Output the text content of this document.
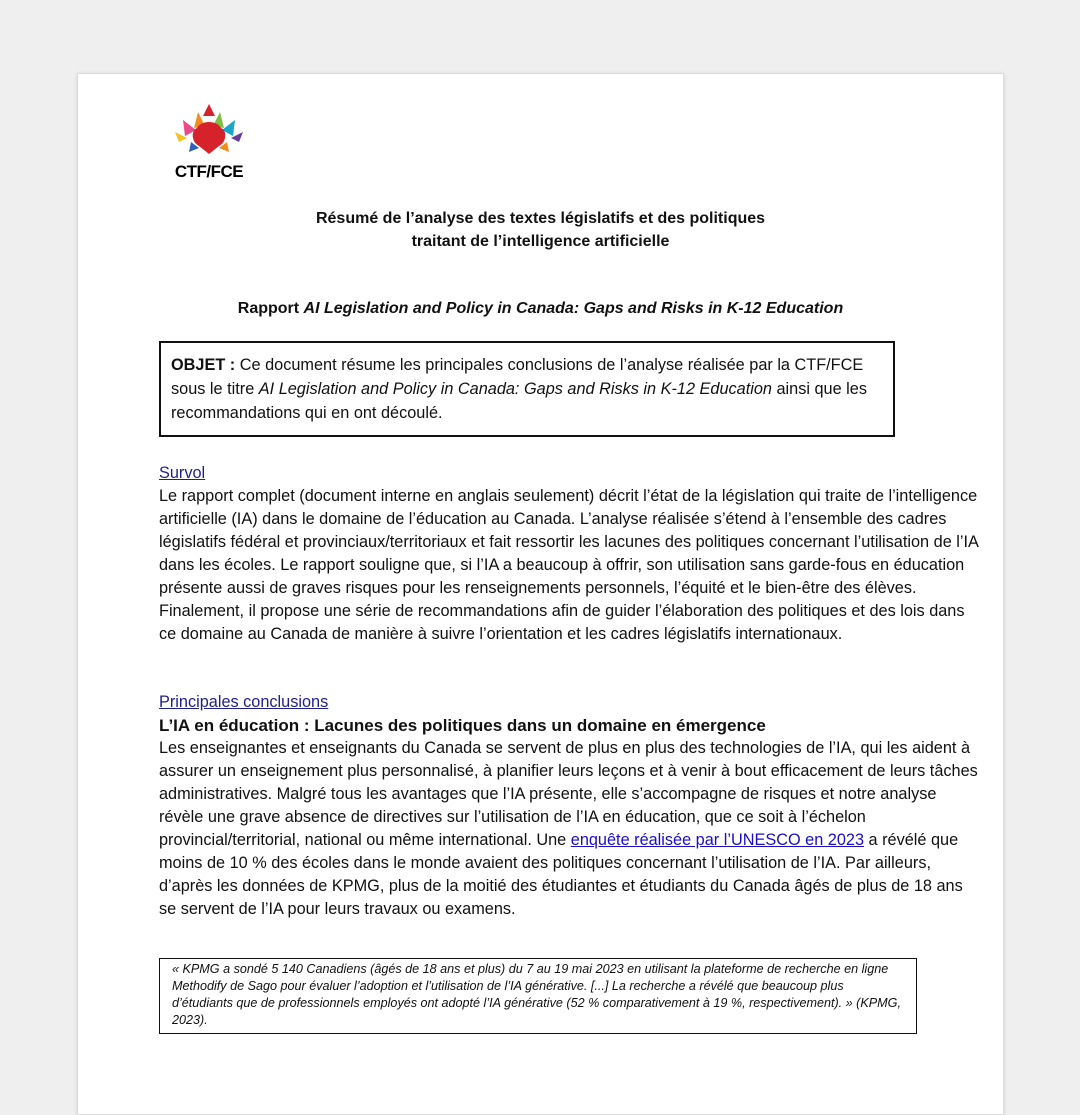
CTF/FCE
Résumé de l’analyse des textes législatifs et des politiques
traitant de l’intelligence artificielle
Rapport AI Legislation and Policy in Canada: Gaps and Risks in K-12 Education
OBJET : Ce document résume les principales conclusions de l’analyse réalisée par la CTF/FCE sous le titre AI Legislation and Policy in Canada: Gaps and Risks in K-12 Education ainsi que les recommandations qui en ont découlé.
Survol
Le rapport complet (document interne en anglais seulement) décrit l’état de la législation qui traite de l’intelligence artificielle (IA) dans le domaine de l’éducation au Canada. L’analyse réalisée s’étend à l’ensemble des cadres législatifs fédéral et provinciaux/territoriaux et fait ressortir les lacunes des politiques concernant l’utilisation de l’IA dans les écoles. Le rapport souligne que, si l’IA a beaucoup à offrir, son utilisation sans garde-fous en éducation présente aussi de graves risques pour les renseignements personnels, l’équité et le bien-être des élèves. Finalement, il propose une série de recommandations afin de guider l’élaboration des politiques et des lois dans ce domaine au Canada de manière à suivre l’orientation et les cadres législatifs internationaux.
Principales conclusions
L’IA en éducation : Lacunes des politiques dans un domaine en émergence
Les enseignantes et enseignants du Canada se servent de plus en plus des technologies de l’IA, qui les aident à assurer un enseignement plus personnalisé, à planifier leurs leçons et à venir à bout efficacement de leurs tâches administratives. Malgré tous les avantages que l’IA présente, elle s’accompagne de risques et notre analyse révèle une grave absence de directives sur l’utilisation de l’IA en éducation, que ce soit à l’échelon provincial/territorial, national ou même international. Une enquête réalisée par l’UNESCO en 2023 a révélé que moins de 10 % des écoles dans le monde avaient des politiques concernant l’utilisation de l’IA. Par ailleurs, d’après les données de KPMG, plus de la moitié des étudiantes et étudiants du Canada âgés de plus de 18 ans se servent de l’IA pour leurs travaux ou examens.
« KPMG a sondé 5 140 Canadiens (âgés de 18 ans et plus) du 7 au 19 mai 2023 en utilisant la plateforme de recherche en ligne Methodify de Sago pour évaluer l’adoption et l’utilisation de l’IA générative. [...] La recherche a révélé que beaucoup plus d’étudiants que de professionnels employés ont adopté l’IA générative (52 % comparativement à 19 %, respectivement). » (KPMG, 2023).
